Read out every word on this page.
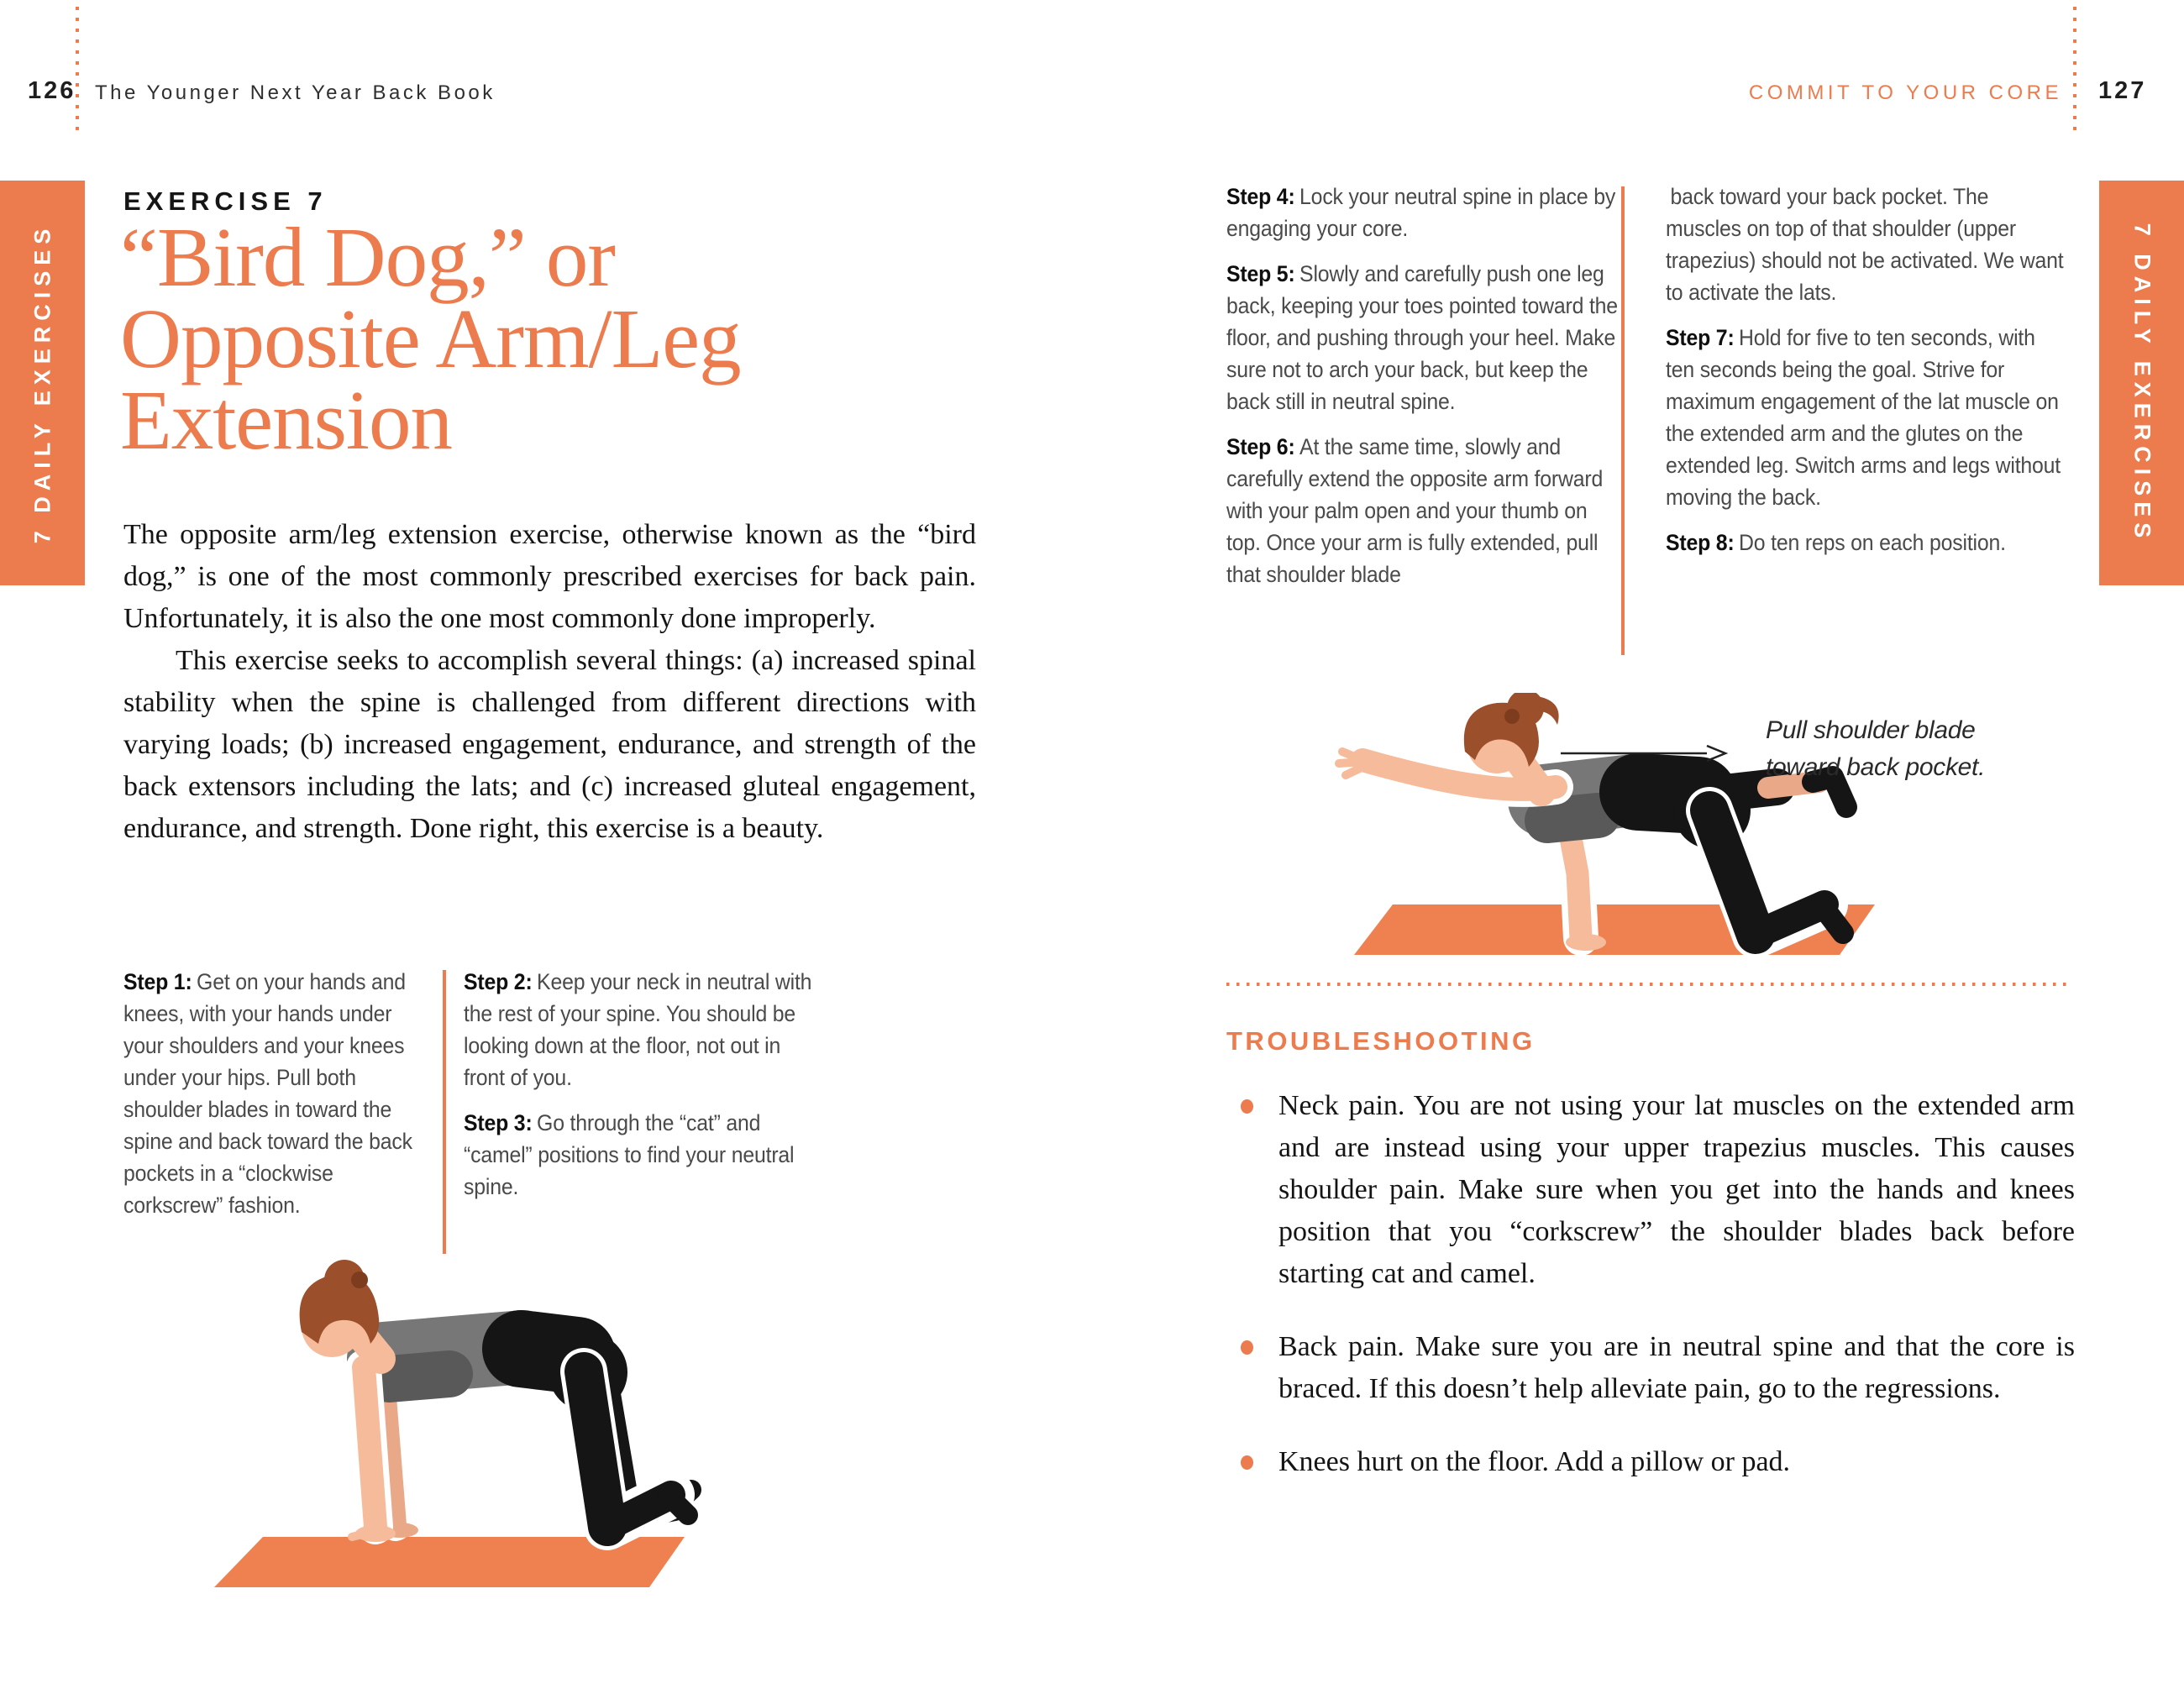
126 The Younger Next Year Back Book
7 DAILY EXERCISES
EXERCISE 7
“Bird Dog,” or
Opposite Arm/Leg
Extension

The opposite arm/leg extension exercise, otherwise known as the “bird dog,” is one of the most commonly prescribed exercises for back pain. Unfortunately, it is also the one most commonly done improperly.

This exercise seeks to accomplish several things: (a) increased spinal stability when the spine is challenged from different directions with varying loads; (b) increased engagement, endurance, and strength of the back extensors including the lats; and (c) increased gluteal engagement, endurance, and strength. Done right, this exercise is a beauty.

Step 1: Get on your hands and knees, with your hands under your shoulders and your knees under your hips. Pull both shoulder blades in toward the spine and back toward the back pockets in a “clockwise corkscrew” fashion.
Step 2: Keep your neck in neutral with the rest of your spine. You should be looking down at the floor, not out in front of you.
Step 3: Go through the “cat” and “camel” positions to find your neutral spine.
COMMIT TO YOUR CORE 127
7 DAILY EXERCISES
Step 4: Lock your neutral spine in place by engaging your core.
Step 5: Slowly and carefully push one leg back, keeping your toes pointed toward the floor, and pushing through your heel. Make sure not to arch your back, but keep the back still in neutral spine.
Step 6: At the same time, slowly and carefully extend the opposite arm forward with your palm open and your thumb on top. Once your arm is fully extended, pull that shoulder blade
back toward your back pocket. The muscles on top of that shoulder (upper trapezius) should not be activated. We want to activate the lats.
Step 7: Hold for five to ten seconds, with ten seconds being the goal. Strive for maximum engagement of the lat muscle on the extended arm and the glutes on the extended leg. Switch arms and legs without moving the back.
Step 8: Do ten reps on each position.
Pull shoulder blade
toward back pocket.
TROUBLESHOOTING
Neck pain. You are not using your lat muscles on the extended arm and are instead using your upper trapezius muscles. This causes shoulder pain. Make sure when you get into the hands and knees position that you “corkscrew” the shoulder blades back before starting cat and camel.
Back pain. Make sure you are in neutral spine and that the core is braced. If this doesn’t help alleviate pain, go to the regressions.
Knees hurt on the floor. Add a pillow or pad.
